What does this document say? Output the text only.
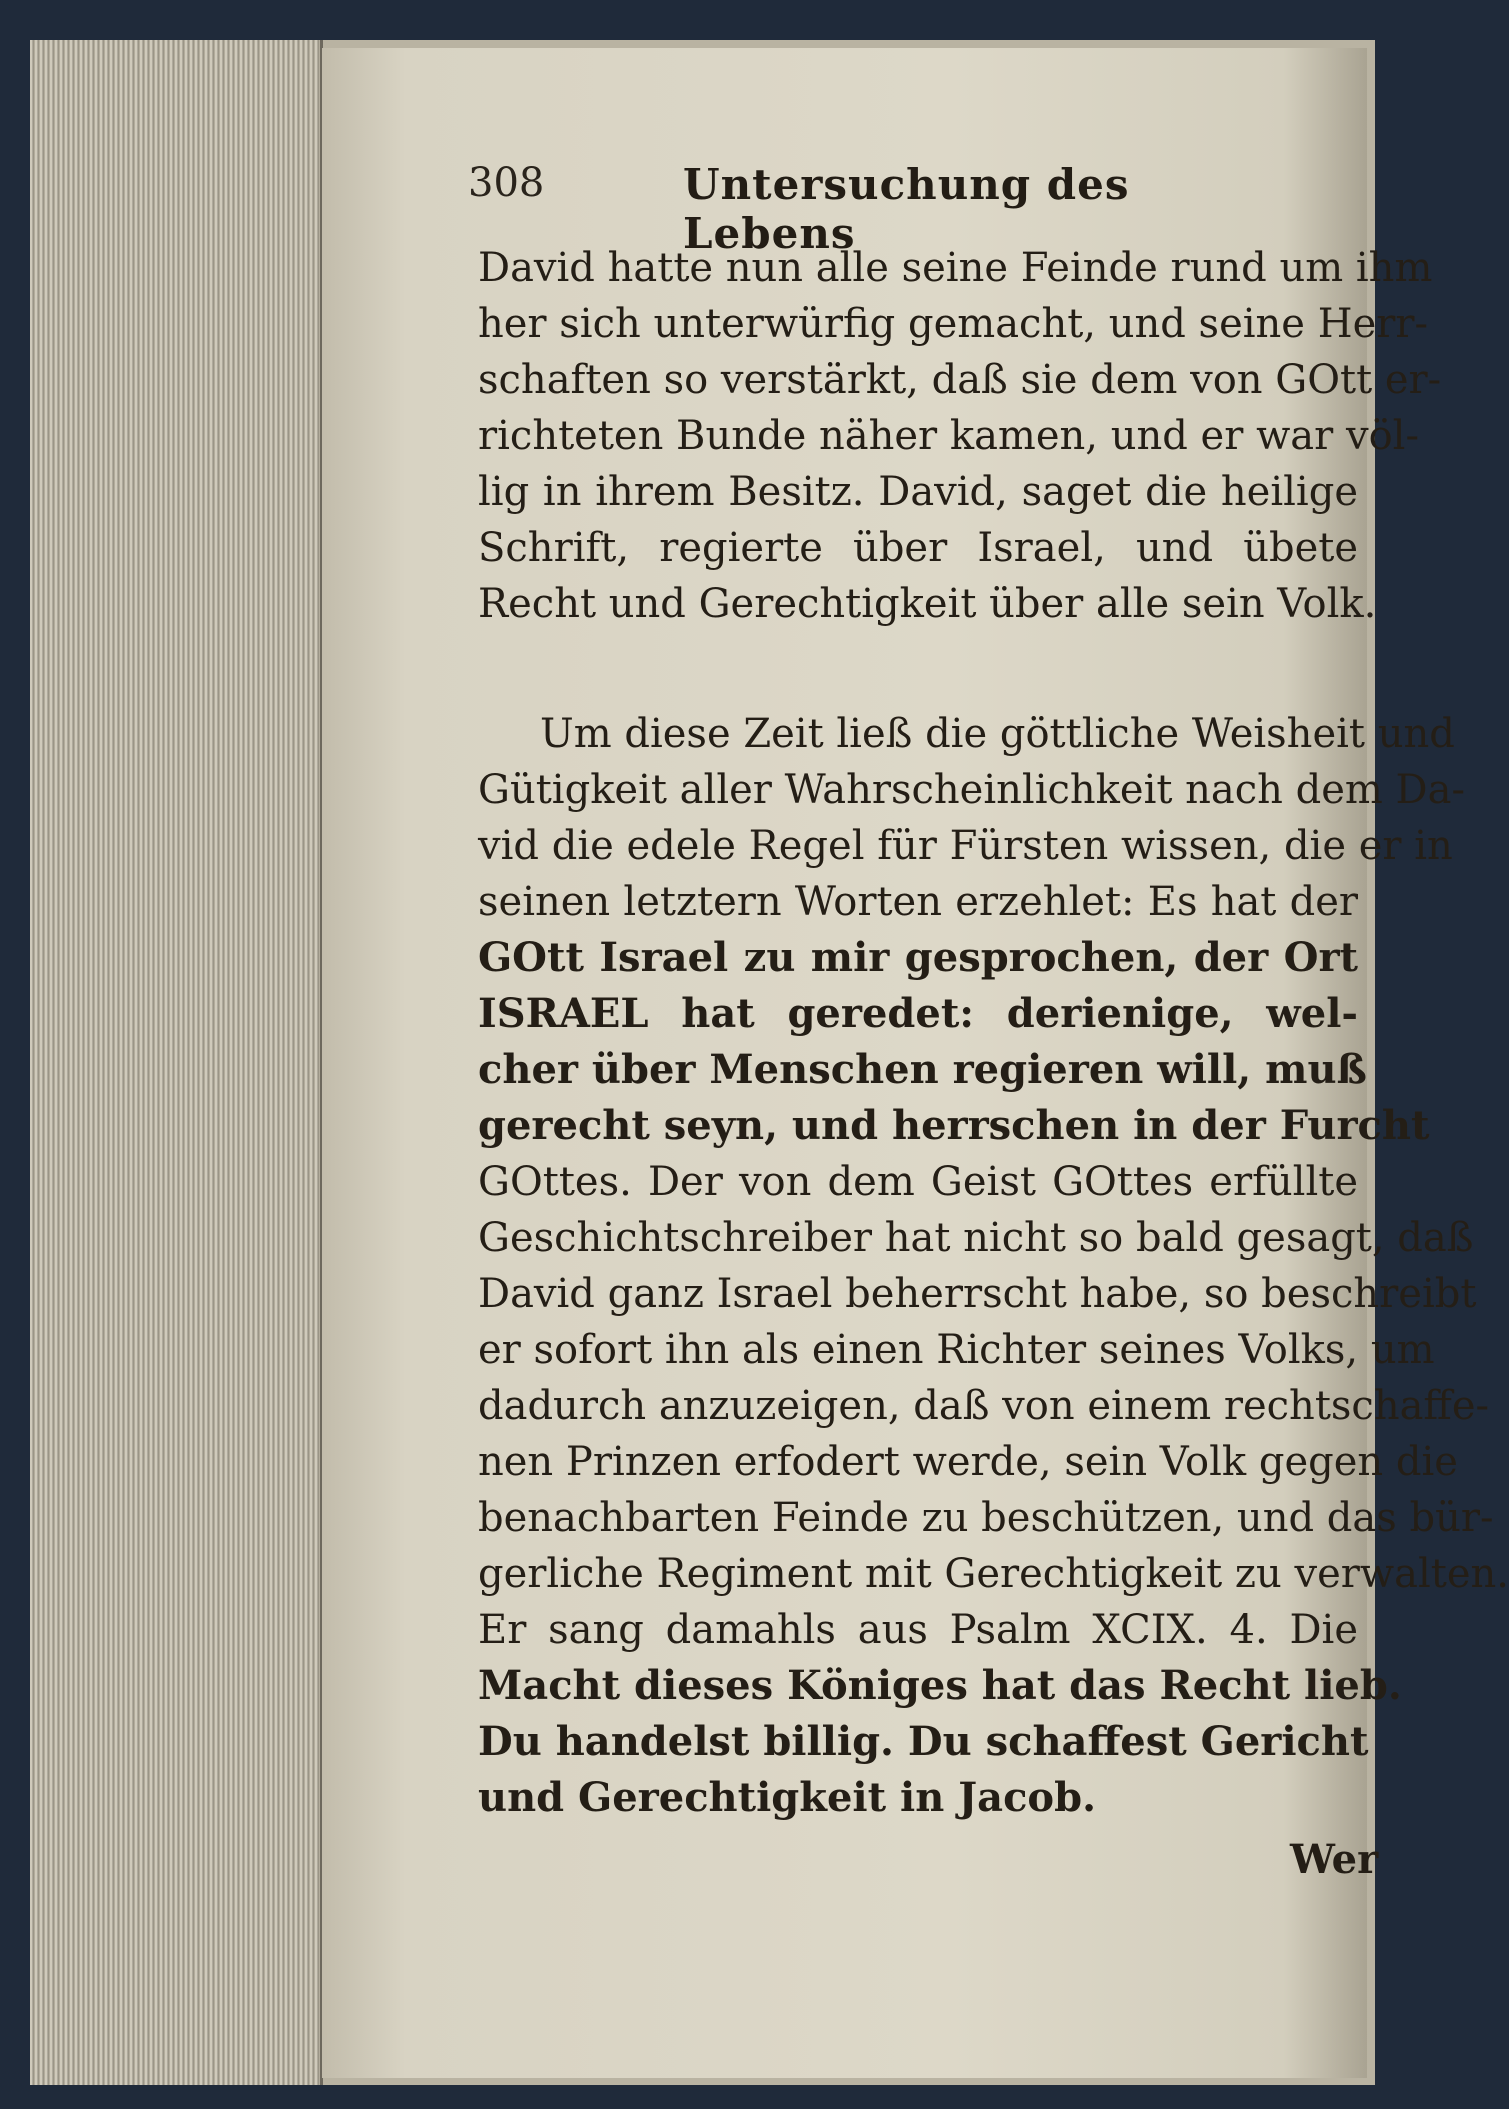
308	Untersuchung des Lebens
David hatte nun alle seine Feinde rund um ihm
her sich unterwürfig gemacht, und seine Herr-
schaften so verstärkt, daß sie dem von GOtt er-
richteten Bunde näher kamen, und er war völ-
lig in ihrem Besitz. David, saget die heilige
Schrift, regierte über Israel, und übete
Recht und Gerechtigkeit über alle sein Volk.
Um diese Zeit ließ die göttliche Weisheit und
Gütigkeit aller Wahrscheinlichkeit nach dem Da-
vid die edele Regel für Fürsten wissen, die er in
seinen letztern Worten erzehlet: Es hat der
GOtt Israel zu mir gesprochen, der Ort
ISRAEL hat geredet: derienige, wel-
cher über Menschen regieren will, muß
gerecht seyn, und herrschen in der Furcht
GOttes. Der von dem Geist GOttes erfüllte
Geschichtschreiber hat nicht so bald gesagt, daß
David ganz Israel beherrscht habe, so beschreibt
er sofort ihn als einen Richter seines Volks, um
dadurch anzuzeigen, daß von einem rechtschaffe-
nen Prinzen erfodert werde, sein Volk gegen die
benachbarten Feinde zu beschützen, und das bür-
gerliche Regiment mit Gerechtigkeit zu verwalten.
Er sang damahls aus Psalm XCIX. 4. Die
Macht dieses Königes hat das Recht lieb.
Du handelst billig. Du schaffest Gericht
und Gerechtigkeit in Jacob.
Wer
